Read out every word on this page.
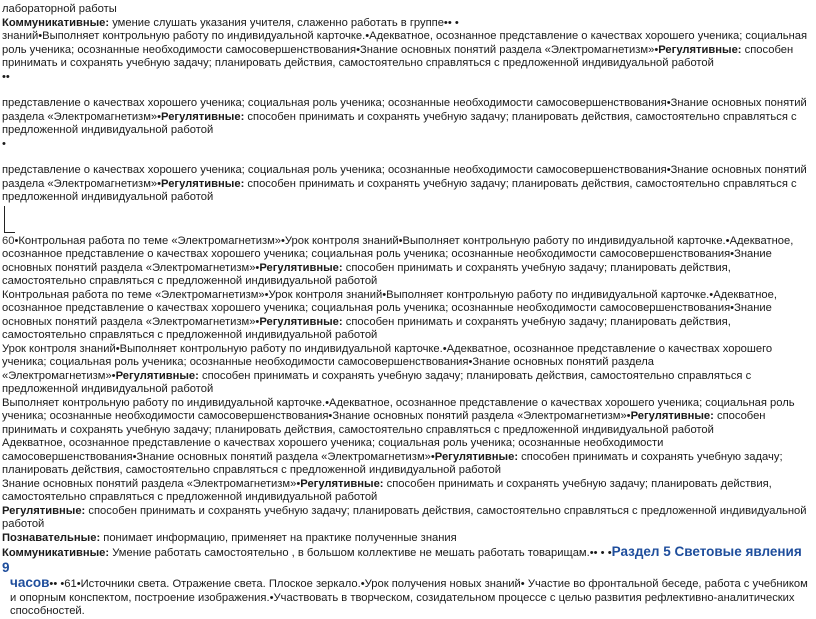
лабораторной работы

Коммуникативные: умение слушать указания учителя, слаженно работать в группе•• •

знаний•Выполняет контрольную работу по индивидуальной карточке.•Адекватное, осознанное представление о качествах хорошего ученика; социальная роль ученика; осознанные необходимости самосовершенствования•Знание основных понятий раздела «Электромагнетизм»•Регулятивные: способен принимать и сохранять учебную задачу; планировать действия, самостоятельно справляться с предложенной индивидуальной работой

••

представление о качествах хорошего ученика; социальная роль ученика; осознанные необходимости самосовершенствования•Знание основных понятий раздела «Электромагнетизм»•Регулятивные: способен принимать и сохранять учебную задачу; планировать действия, самостоятельно справляться с предложенной индивидуальной работой

•

представление о качествах хорошего ученика; социальная роль ученика; осознанные необходимости самосовершенствования•Знание основных понятий раздела «Электромагнетизм»•Регулятивные: способен принимать и сохранять учебную задачу; планировать действия, самостоятельно справляться с предложенной индивидуальной работой

60•Контрольная работа по теме «Электромагнетизм»•Урок контроля знаний•Выполняет контрольную работу по индивидуальной карточке.•Адекватное, осознанное представление о качествах хорошего ученика; социальная роль ученика; осознанные необходимости самосовершенствования•Знание основных понятий раздела «Электромагнетизм»•Регулятивные: способен принимать и сохранять учебную задачу; планировать действия, самостоятельно справляться с предложенной индивидуальной работой

Контрольная работа по теме «Электромагнетизм»•Урок контроля знаний•Выполняет контрольную работу по индивидуальной карточке.•Адекватное, осознанное представление о качествах хорошего ученика; социальная роль ученика; осознанные необходимости самосовершенствования•Знание основных понятий раздела «Электромагнетизм»•Регулятивные: способен принимать и сохранять учебную задачу; планировать действия, самостоятельно справляться с предложенной индивидуальной работой

Урок контроля знаний•Выполняет контрольную работу по индивидуальной карточке.•Адекватное, осознанное представление о качествах хорошего ученика; социальная роль ученика; осознанные необходимости самосовершенствования•Знание основных понятий раздела «Электромагнетизм»•Регулятивные: способен принимать и сохранять учебную задачу; планировать действия, самостоятельно справляться с предложенной индивидуальной работой

Выполняет контрольную работу по индивидуальной карточке.•Адекватное, осознанное представление о качествах хорошего ученика; социальная роль ученика; осознанные необходимости самосовершенствования•Знание основных понятий раздела «Электромагнетизм»•Регулятивные: способен принимать и сохранять учебную задачу; планировать действия, самостоятельно справляться с предложенной индивидуальной работой

Адекватное, осознанное представление о качествах хорошего ученика; социальная роль ученика; осознанные необходимости самосовершенствования•Знание основных понятий раздела «Электромагнетизм»•Регулятивные: способен принимать и сохранять учебную задачу; планировать действия, самостоятельно справляться с предложенной индивидуальной работой

Знание основных понятий раздела «Электромагнетизм»•Регулятивные: способен принимать и сохранять учебную задачу; планировать действия, самостоятельно справляться с предложенной индивидуальной работой

Регулятивные: способен принимать и сохранять учебную задачу; планировать действия, самостоятельно справляться с предложенной индивидуальной работой

Познавательные: понимает информацию, применяет на практике полученные знания

Коммуникативные: Умение работать самостоятельно , в большом коллективе не мешать работать товарищам.•• • •Раздел 5 Световые явления 9

часов•• •61•Источники света. Отражение света. Плоское зеркало.•Урок получения новых знаний• Участие во фронтальной беседе, работа с учебником и опорным конспектом, построение изображения.•Участвовать в творческом, созидательном процессе с целью развития рефлективно-аналитических способностей.
